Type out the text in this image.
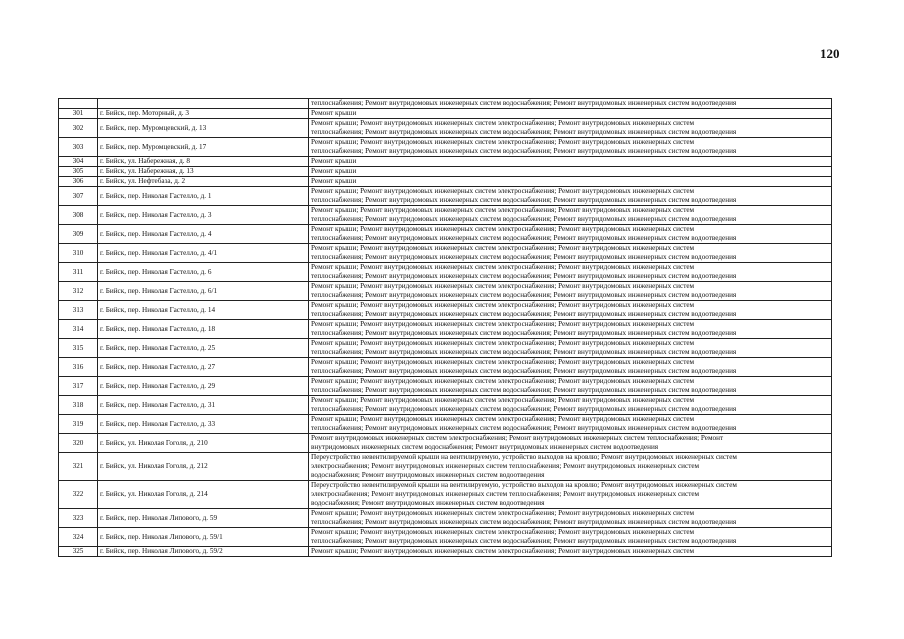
120
		теплоснабжения; Ремонт внутридомовых инженерных систем водоснабжения; Ремонт внутридомовых инженерных систем водоотведения
301	г. Бийск, пер. Моторный, д. 3	Ремонт крыши

302	г. Бийск, пер. Муромцевский, д. 13	Ремонт крыши; Ремонт внутридомовых инженерных систем электроснабжения; Ремонт внутридомовых инженерных систем
теплоснабжения; Ремонт внутридомовых инженерных систем водоснабжения; Ремонт внутридомовых инженерных систем водоотведения

303	г. Бийск, пер. Муромцевский, д. 17	Ремонт крыши; Ремонт внутридомовых инженерных систем электроснабжения; Ремонт внутридомовых инженерных систем
теплоснабжения; Ремонт внутридомовых инженерных систем водоснабжения; Ремонт внутридомовых инженерных систем водоотведения

304	г. Бийск, ул. Набережная, д. 8	Ремонт крыши

305	г. Бийск, ул. Набережная, д. 13	Ремонт крыши

306	г. Бийск, ул. Нефтебаза, д. 2	Ремонт крыши

307	г. Бийск, пер. Николая Гастелло, д. 1	Ремонт крыши; Ремонт внутридомовых инженерных систем электроснабжения; Ремонт внутридомовых инженерных систем
теплоснабжения; Ремонт внутридомовых инженерных систем водоснабжения; Ремонт внутридомовых инженерных систем водоотведения

308	г. Бийск, пер. Николая Гастелло, д. 3	Ремонт крыши; Ремонт внутридомовых инженерных систем электроснабжения; Ремонт внутридомовых инженерных систем
теплоснабжения; Ремонт внутридомовых инженерных систем водоснабжения; Ремонт внутридомовых инженерных систем водоотведения

309	г. Бийск, пер. Николая Гастелло, д. 4	Ремонт крыши; Ремонт внутридомовых инженерных систем электроснабжения; Ремонт внутридомовых инженерных систем
теплоснабжения; Ремонт внутридомовых инженерных систем водоснабжения; Ремонт внутридомовых инженерных систем водоотведения

310	г. Бийск, пер. Николая Гастелло, д. 4/1	Ремонт крыши; Ремонт внутридомовых инженерных систем электроснабжения; Ремонт внутридомовых инженерных систем
теплоснабжения; Ремонт внутридомовых инженерных систем водоснабжения; Ремонт внутридомовых инженерных систем водоотведения

311	г. Бийск, пер. Николая Гастелло, д. 6	Ремонт крыши; Ремонт внутридомовых инженерных систем электроснабжения; Ремонт внутридомовых инженерных систем
теплоснабжения; Ремонт внутридомовых инженерных систем водоснабжения; Ремонт внутридомовых инженерных систем водоотведения

312	г. Бийск, пер. Николая Гастелло, д. 6/1	Ремонт крыши; Ремонт внутридомовых инженерных систем электроснабжения; Ремонт внутридомовых инженерных систем
теплоснабжения; Ремонт внутридомовых инженерных систем водоснабжения; Ремонт внутридомовых инженерных систем водоотведения

313	г. Бийск, пер. Николая Гастелло, д. 14	Ремонт крыши; Ремонт внутридомовых инженерных систем электроснабжения; Ремонт внутридомовых инженерных систем
теплоснабжения; Ремонт внутридомовых инженерных систем водоснабжения; Ремонт внутридомовых инженерных систем водоотведения

314	г. Бийск, пер. Николая Гастелло, д. 18	Ремонт крыши; Ремонт внутридомовых инженерных систем электроснабжения; Ремонт внутридомовых инженерных систем
теплоснабжения; Ремонт внутридомовых инженерных систем водоснабжения; Ремонт внутридомовых инженерных систем водоотведения

315	г. Бийск, пер. Николая Гастелло, д. 25	Ремонт крыши; Ремонт внутридомовых инженерных систем электроснабжения; Ремонт внутридомовых инженерных систем
теплоснабжения; Ремонт внутридомовых инженерных систем водоснабжения; Ремонт внутридомовых инженерных систем водоотведения

316	г. Бийск, пер. Николая Гастелло, д. 27	Ремонт крыши; Ремонт внутридомовых инженерных систем электроснабжения; Ремонт внутридомовых инженерных систем
теплоснабжения; Ремонт внутридомовых инженерных систем водоснабжения; Ремонт внутридомовых инженерных систем водоотведения

317	г. Бийск, пер. Николая Гастелло, д. 29	Ремонт крыши; Ремонт внутридомовых инженерных систем электроснабжения; Ремонт внутридомовых инженерных систем
теплоснабжения; Ремонт внутридомовых инженерных систем водоснабжения; Ремонт внутридомовых инженерных систем водоотведения

318	г. Бийск, пер. Николая Гастелло, д. 31	Ремонт крыши; Ремонт внутридомовых инженерных систем электроснабжения; Ремонт внутридомовых инженерных систем
теплоснабжения; Ремонт внутридомовых инженерных систем водоснабжения; Ремонт внутридомовых инженерных систем водоотведения

319	г. Бийск, пер. Николая Гастелло, д. 33	Ремонт крыши; Ремонт внутридомовых инженерных систем электроснабжения; Ремонт внутридомовых инженерных систем
теплоснабжения; Ремонт внутридомовых инженерных систем водоснабжения; Ремонт внутридомовых инженерных систем водоотведения

320	г. Бийск, ул. Николая Гоголя, д. 210	Ремонт внутридомовых инженерных систем электроснабжения; Ремонт внутридомовых инженерных систем теплоснабжения; Ремонт
внутридомовых инженерных систем водоснабжения; Ремонт внутридомовых инженерных систем водоотведения

321	г. Бийск, ул. Николая Гоголя, д. 212	Переустройство невентилируемой крыши на вентилируемую, устройство выходов на кровлю; Ремонт внутридомовых инженерных систем
электроснабжения; Ремонт внутридомовых инженерных систем теплоснабжения; Ремонт внутридомовых инженерных систем
водоснабжения; Ремонт внутридомовых инженерных систем водоотведения

322	г. Бийск, ул. Николая Гоголя, д. 214	Переустройство невентилируемой крыши на вентилируемую, устройство выходов на кровлю; Ремонт внутридомовых инженерных систем
электроснабжения; Ремонт внутридомовых инженерных систем теплоснабжения; Ремонт внутридомовых инженерных систем
водоснабжения; Ремонт внутридомовых инженерных систем водоотведения

323	г. Бийск, пер. Николая Липового, д. 59	Ремонт крыши; Ремонт внутридомовых инженерных систем электроснабжения; Ремонт внутридомовых инженерных систем
теплоснабжения; Ремонт внутридомовых инженерных систем водоснабжения; Ремонт внутридомовых инженерных систем водоотведения

324	г. Бийск, пер. Николая Липового, д. 59/1	Ремонт крыши; Ремонт внутридомовых инженерных систем электроснабжения; Ремонт внутридомовых инженерных систем
теплоснабжения; Ремонт внутридомовых инженерных систем водоснабжения; Ремонт внутридомовых инженерных систем водоотведения

325	г. Бийск, пер. Николая Липового, д. 59/2	Ремонт крыши; Ремонт внутридомовых инженерных систем электроснабжения; Ремонт внутридомовых инженерных систем
